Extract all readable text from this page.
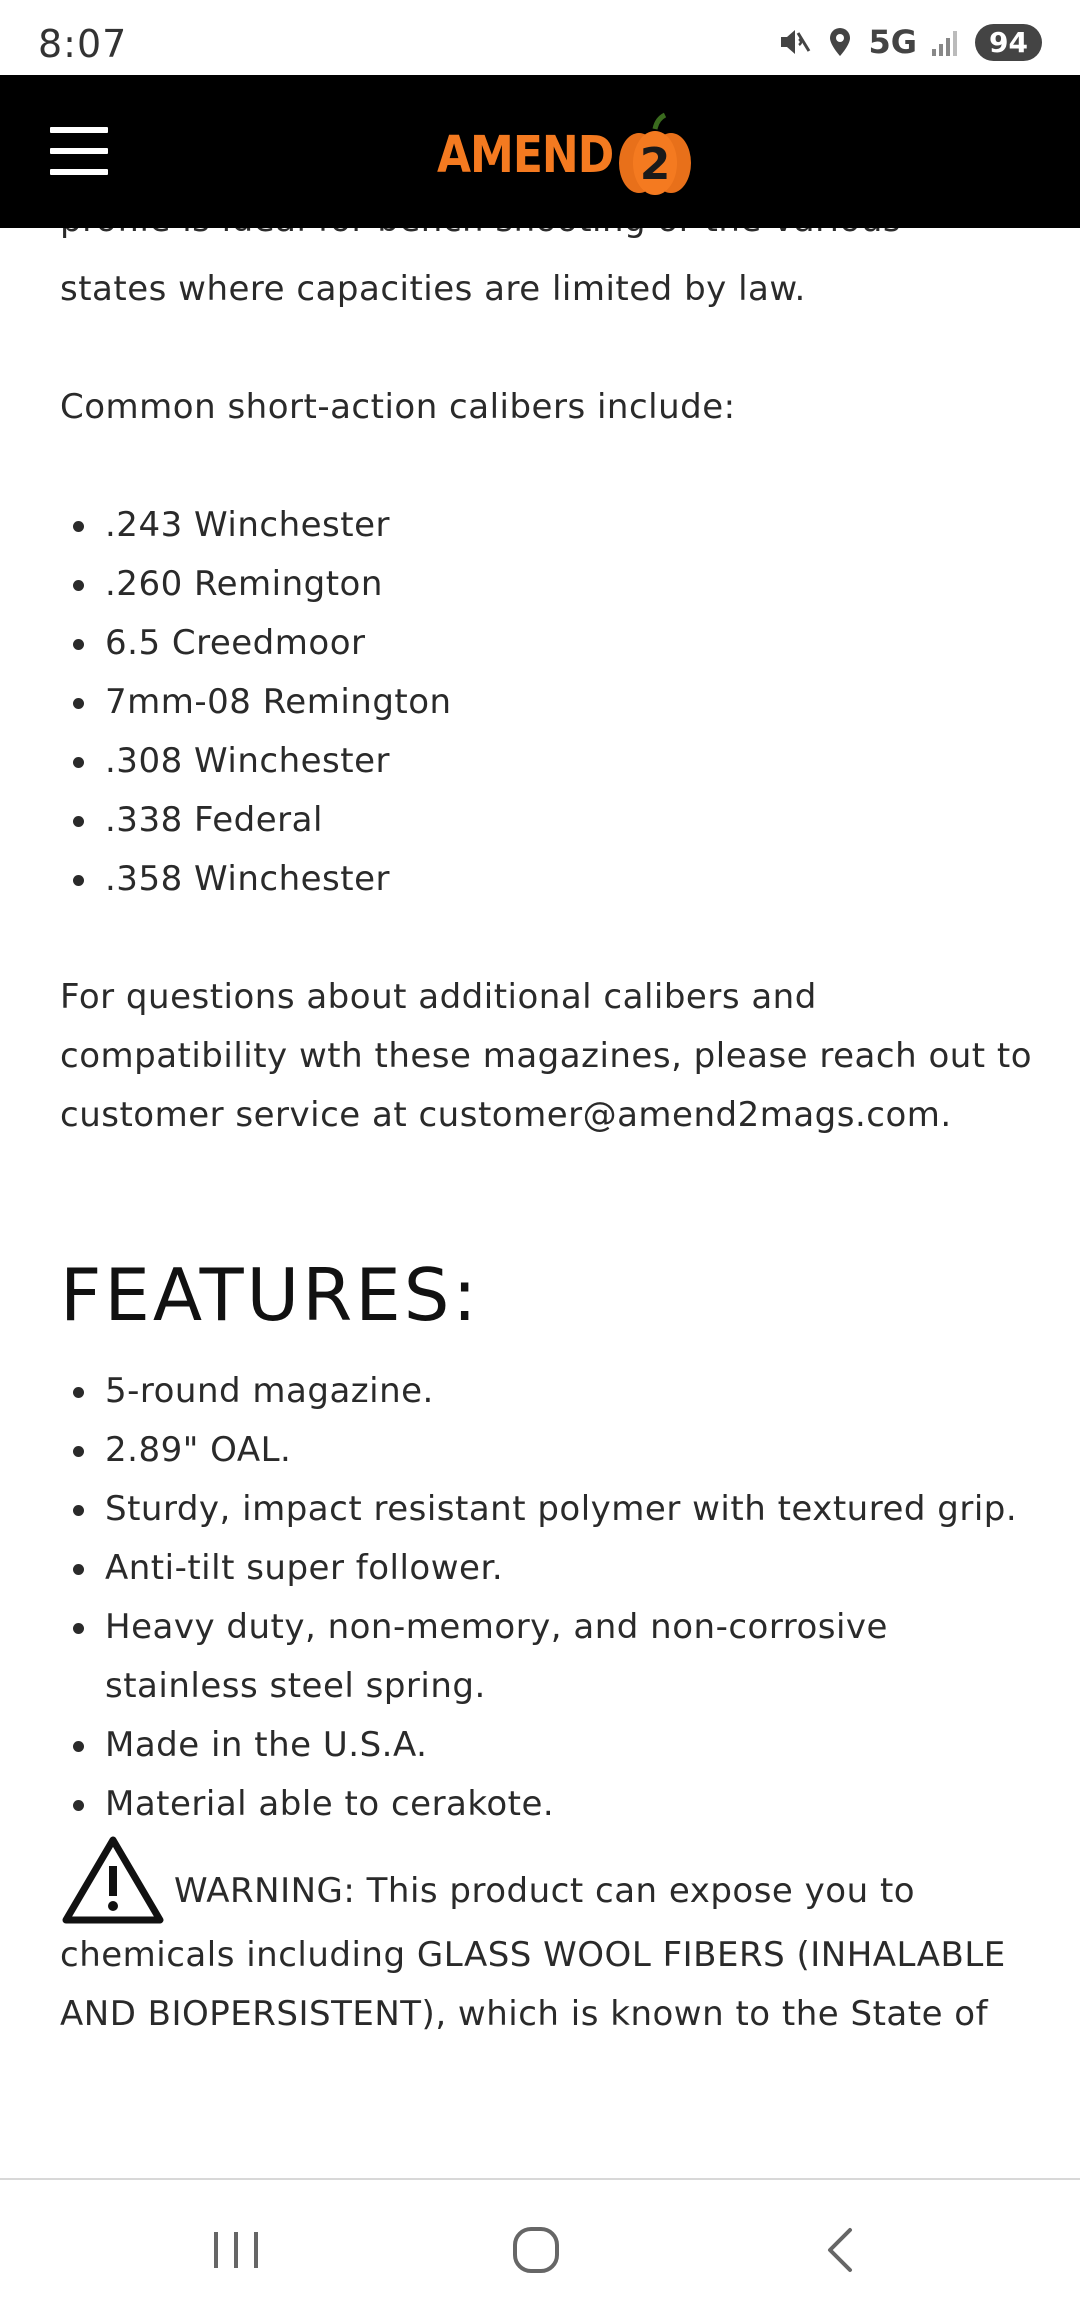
8:07	5G	94

states where capacities are limited by law.

Common short-action calibers include:

.243 Winchester
.260 Remington
6.5 Creedmoor
7mm-08 Remington
.308 Winchester
.338 Federal
.358 Winchester

For questions about additional calibers and compatibility wth these magazines, please reach out to customer service at customer@amend2mags.com.

FEATURES:
5-round magazine.
2.89" OAL.
Sturdy, impact resistant polymer with textured grip.
Anti-tilt super follower.
Heavy duty, non-memory, and non-corrosive stainless steel spring.
Made in the U.S.A.
Material able to cerakote.

WARNING: This product can expose you to chemicals including GLASS WOOL FIBERS (INHALABLE AND BIOPERSISTENT), which is known to the State of

AMEND 2
